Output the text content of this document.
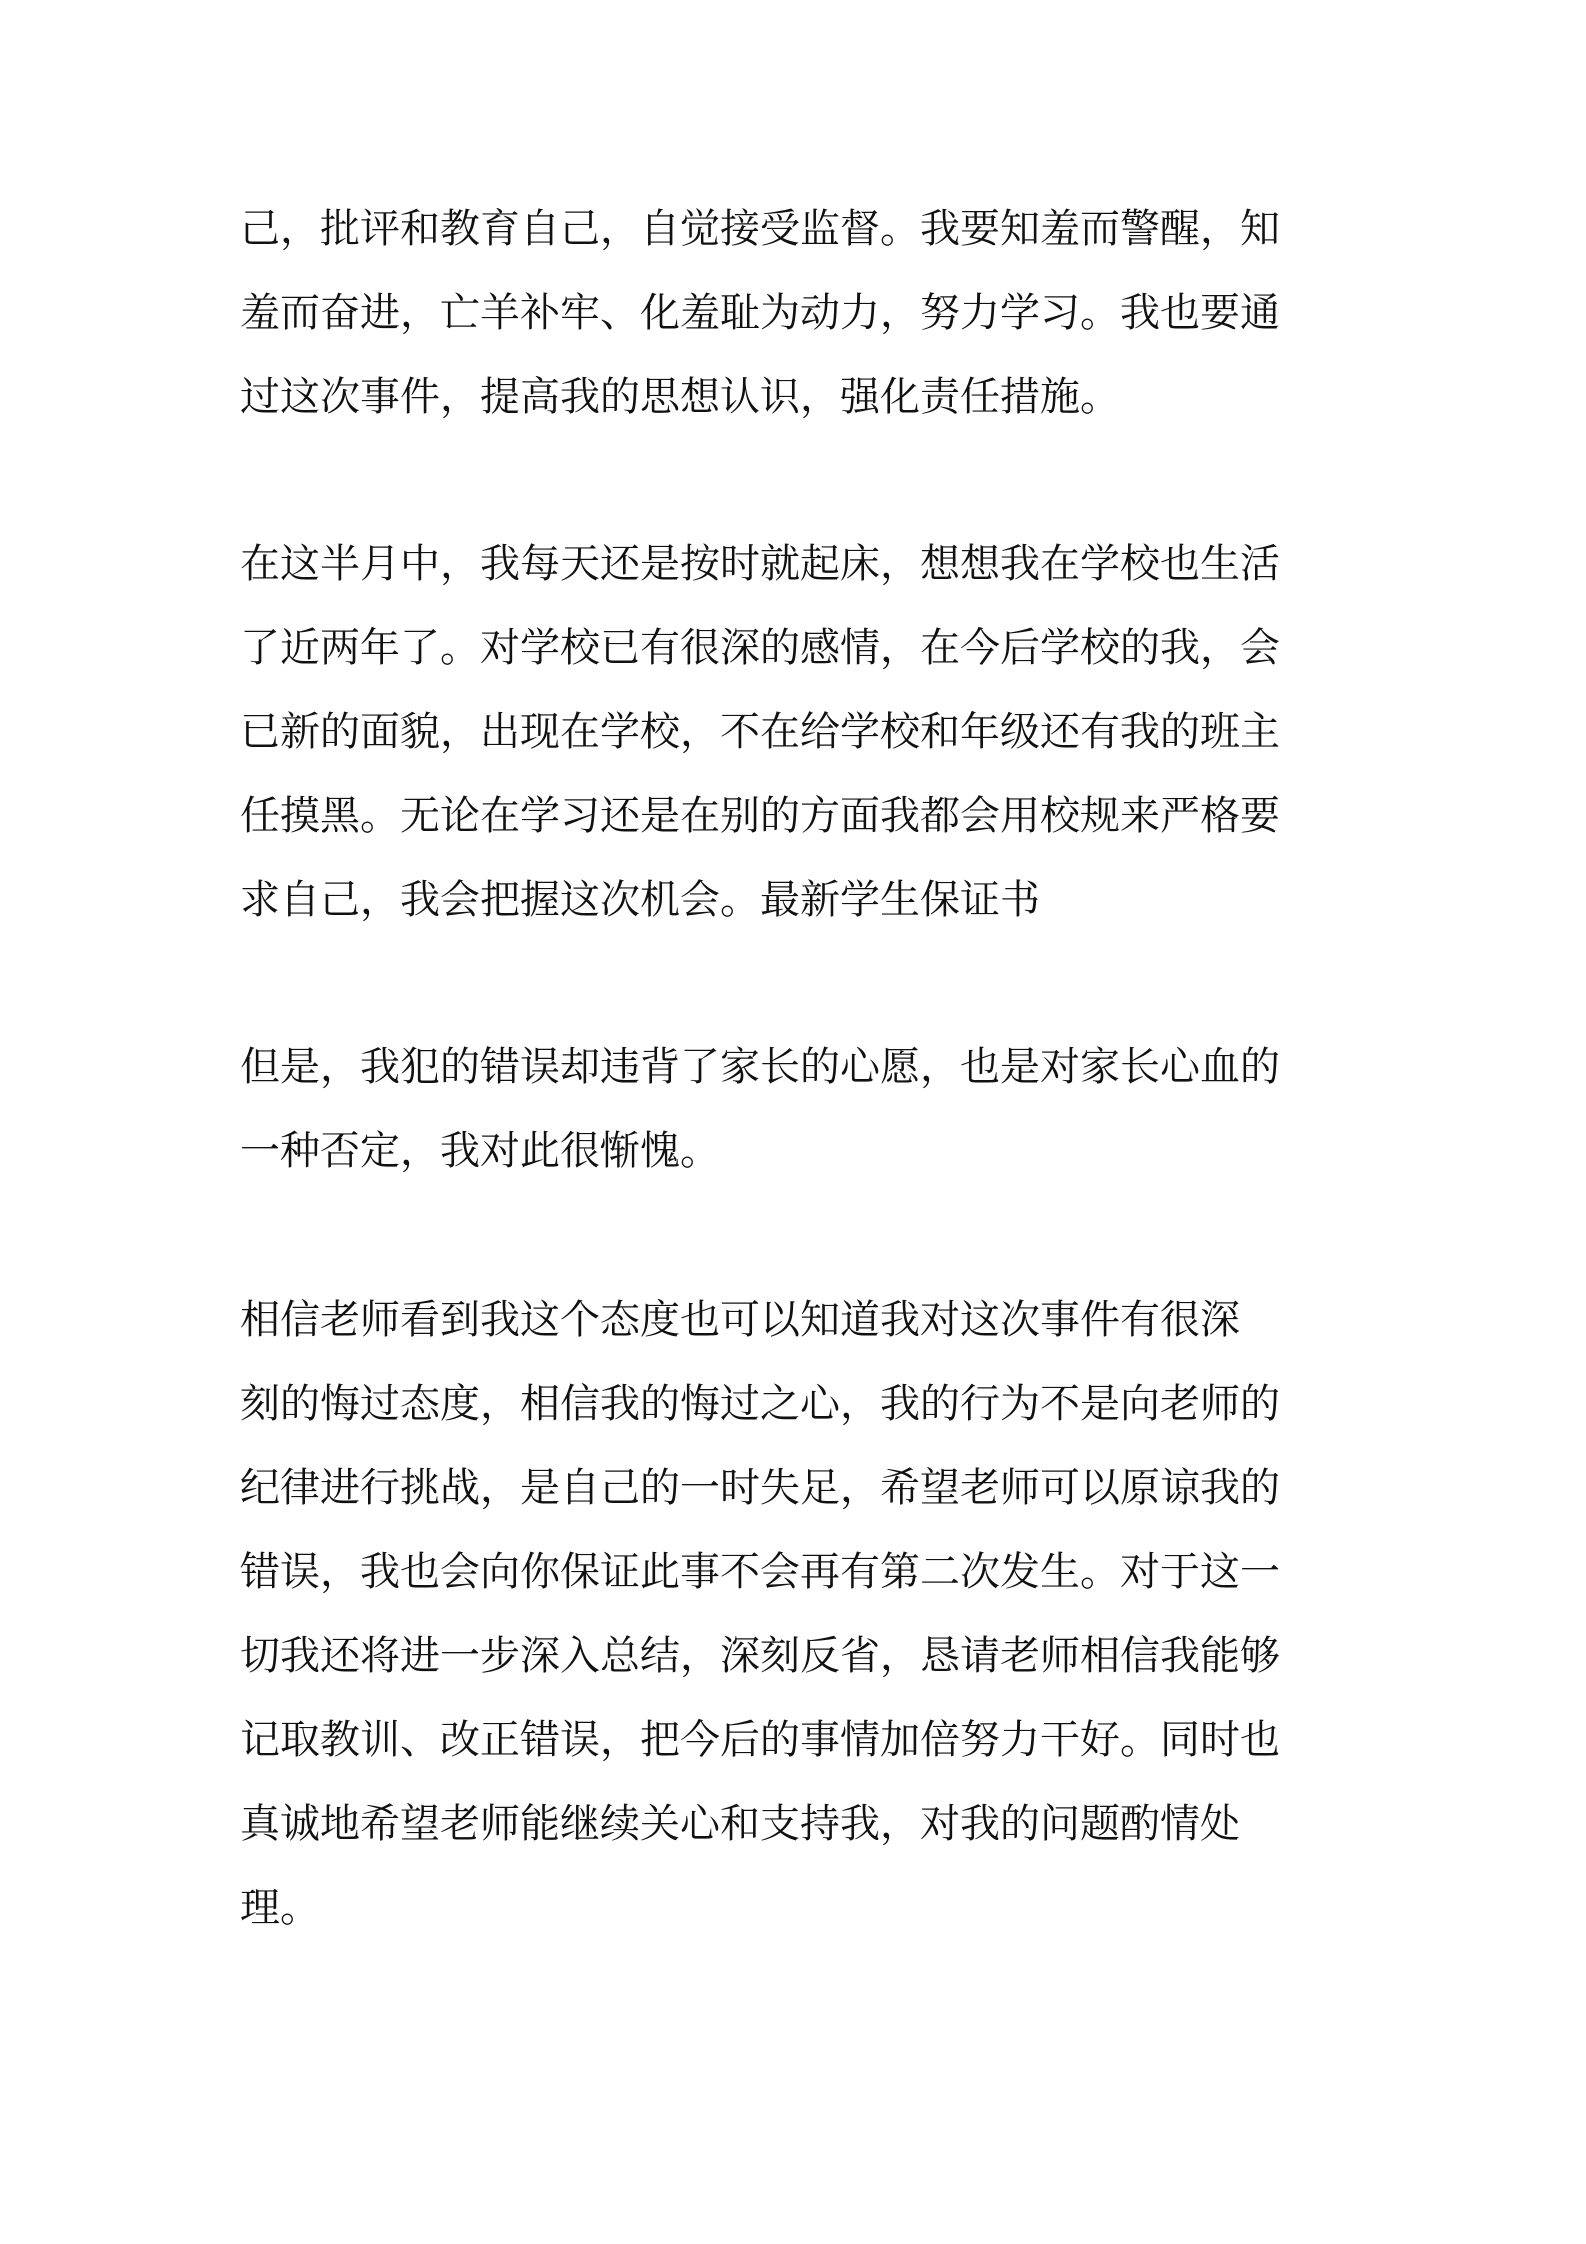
己，批评和教育自己，自觉接受监督。我要知羞而警醒，知
羞而奋进，亡羊补牢、化羞耻为动力，努力学习。我也要通
过这次事件，提高我的思想认识，强化责任措施。

在这半月中，我每天还是按时就起床，想想我在学校也生活
了近两年了。对学校已有很深的感情，在今后学校的我，会
已新的面貌，出现在学校，不在给学校和年级还有我的班主
任摸黑。无论在学习还是在别的方面我都会用校规来严格要
求自己，我会把握这次机会。最新学生保证书

但是，我犯的错误却违背了家长的心愿，也是对家长心血的
一种否定，我对此很惭愧。

相信老师看到我这个态度也可以知道我对这次事件有很深
刻的悔过态度，相信我的悔过之心，我的行为不是向老师的
纪律进行挑战，是自己的一时失足，希望老师可以原谅我的
错误，我也会向你保证此事不会再有第二次发生。对于这一
切我还将进一步深入总结，深刻反省，恳请老师相信我能够
记取教训、改正错误，把今后的事情加倍努力干好。同时也
真诚地希望老师能继续关心和支持我，对我的问题酌情处
理。
